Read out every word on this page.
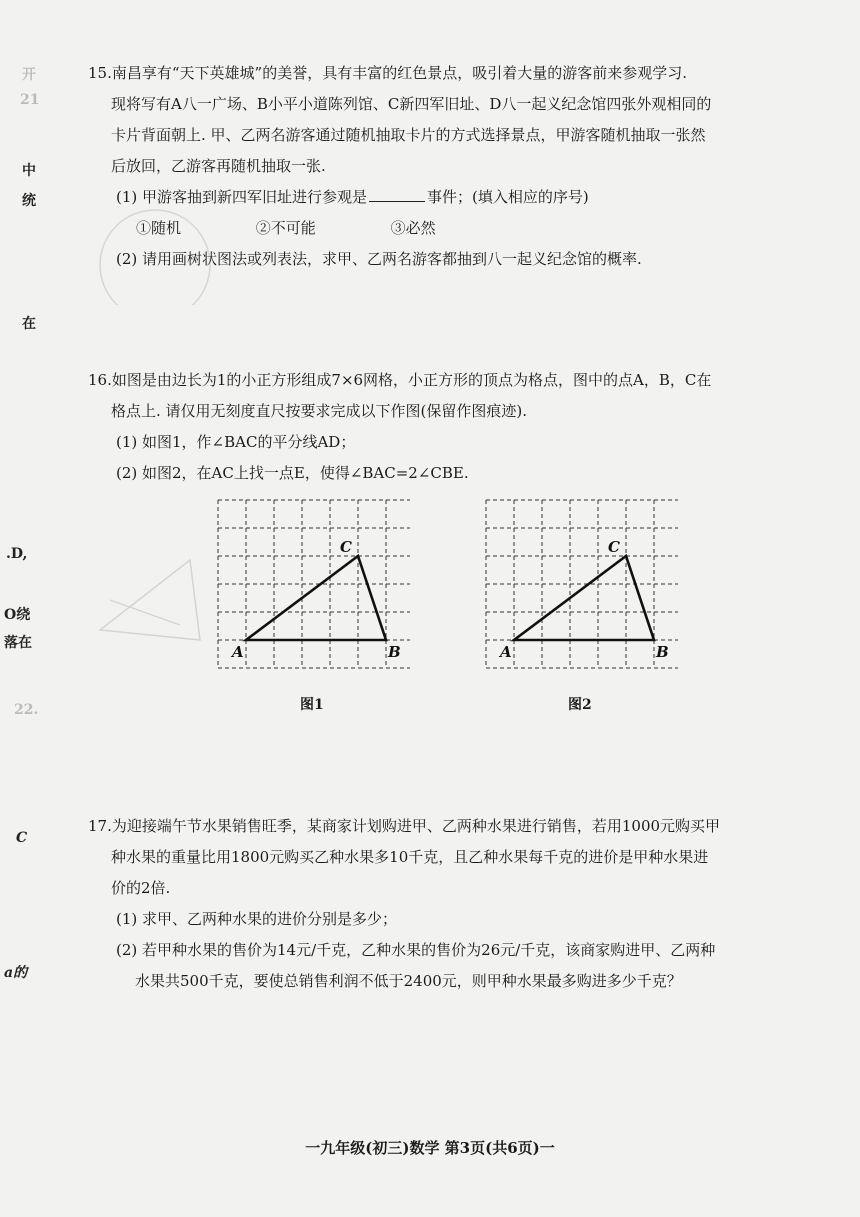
开
21
中
统
在
.D,
O绕
落在
22.
C
a的
15.南昌享有“天下英雄城”的美誉，具有丰富的红色景点，吸引着大量的游客前来参观学习.
现将写有A八一广场、B小平小道陈列馆、C新四军旧址、D八一起义纪念馆四张外观相同的
卡片背面朝上. 甲、乙两名游客通过随机抽取卡片的方式选择景点，甲游客随机抽取一张然
后放回，乙游客再随机抽取一张.
(1) 甲游客抽到新四军旧址进行参观是	事件；(填入相应的序号)
①随机	②不可能	③必然
(2) 请用画树状图法或列表法，求甲、乙两名游客都抽到八一起义纪念馆的概率.
16.如图是由边长为1的小正方形组成7×6网格，小正方形的顶点为格点，图中的点A，B，C在
格点上. 请仅用无刻度直尺按要求完成以下作图(保留作图痕迹).
(1) 如图1，作∠BAC的平分线AD；
(2) 如图2，在AC上找一点E，使得∠BAC=2∠CBE.
A	B
C
图1
A	B
C
图2
17.为迎接端午节水果销售旺季，某商家计划购进甲、乙两种水果进行销售，若用1000元购买甲
种水果的重量比用1800元购买乙种水果多10千克，且乙种水果每千克的进价是甲种水果进
价的2倍.
(1) 求甲、乙两种水果的进价分别是多少；
(2) 若甲种水果的售价为14元/千克，乙种水果的售价为26元/千克，该商家购进甲、乙两种
水果共500千克，要使总销售利润不低于2400元，则甲种水果最多购进多少千克？
一九年级(初三)数学 第3页(共6页)一
